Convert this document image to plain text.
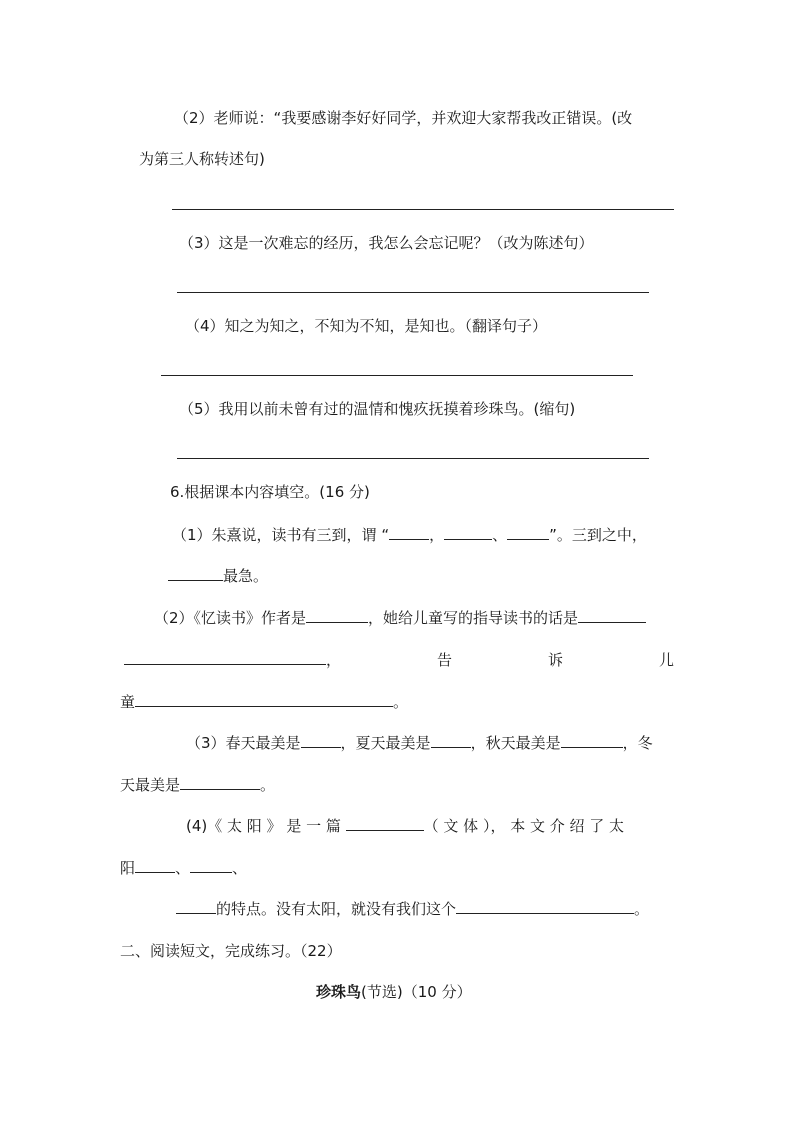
（2）老师说：“我要感谢李好好同学，并欢迎大家帮我改正错误。(改
为第三人称转述句)
（3）这是一次难忘的经历，我怎么会忘记呢？（改为陈述句）
（4）知之为知之，不知为不知，是知也。（翻译句子）
（5）我用以前未曾有过的温情和愧疚抚摸着珍珠鸟。(缩句)
6.根据课本内容填空。(16 分)
（1）朱熹说，读书有三到，谓 “	，	、	”。三到之中，
最急。
（2）《忆读书》作者是	，她给儿童写的指导读书的话是
，	告	诉	儿
童	。
（3）春天最美是	，夏天最美是	，秋天最美是	，冬
天最美是	。
(4)《 太 阳 》 是 一 篇	（ 文 体 ）， 本 文 介 绍 了 太
阳	、	、
的特点。没有太阳，就没有我们这个	。
二、阅读短文，完成练习。（22）
珍珠鸟(节选)（10 分）
